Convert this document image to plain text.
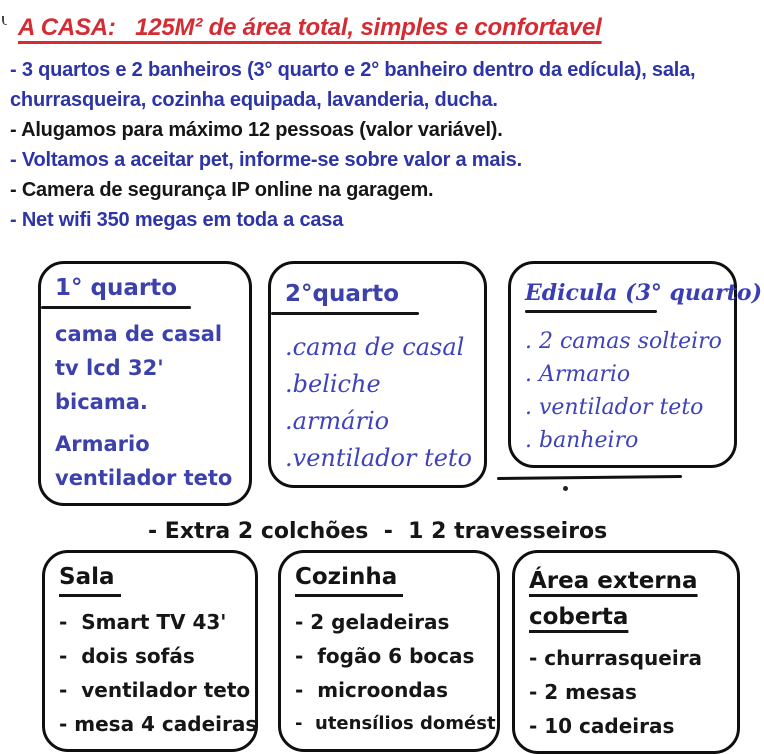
A CASA:   125M² de área total, simples e confortavel

- 3 quartos e 2 banheiros (3° quarto e 2° banheiro dentro da edícula), sala,

churrasqueira, cozinha equipada, lavanderia, ducha.

- Alugamos para máximo 12 pessoas (valor variável).

- Voltamos a aceitar pet, informe-se sobre valor a mais.

- Camera de segurança IP online na garagem.

- Net wifi 350 megas em toda a casa

1° quarto
cama de casal
tv lcd 32'
bicama.
Armario
ventilador teto
2°quarto
.cama de casal
.beliche
.armário
.ventilador teto
Edicula (3° quarto)
. 2 camas solteiro
. Armario
. ventilador teto
. banheiro
- Extra 2 colchões  -  1 2 travesseiros
Sala
-  Smart TV 43'
-  dois sofás
-  ventilador teto
- mesa 4 cadeiras
Cozinha
- 2 geladeiras
-  fogão 6 bocas
-  microondas
-  utensílios domést
Área externa coberta
- churrasqueira
- 2 mesas
- 10 cadeiras
